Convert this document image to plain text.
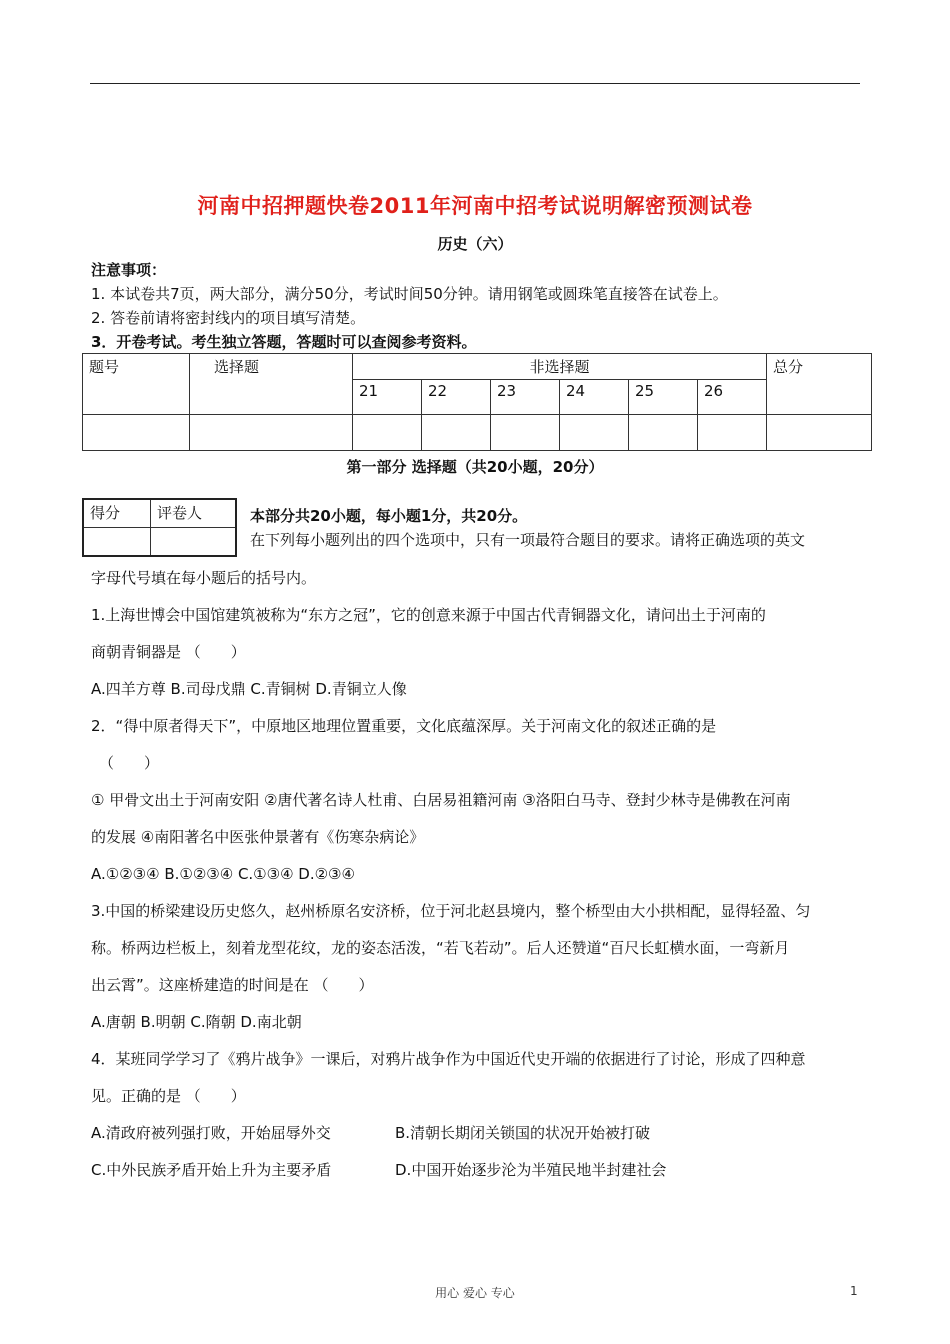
河南中招押题快卷2011年河南中招考试说明解密预测试卷
历史（六）
注意事项：
1. 本试卷共7页，两大部分，满分50分，考试时间50分钟。请用钢笔或圆珠笔直接答在试卷上。
2. 答卷前请将密封线内的项目填写清楚。
3．开卷考试。考生独立答题，答题时可以查阅参考资料。
题号	选择题	非选择题						总分
		21	22	23	24	25	26	

第一部分 选择题（共20小题，20分）
得分	评卷人
		本部分共20小题，每小题1分，共20分。
在下列每小题列出的四个选项中，只有一项最符合题目的要求。请将正确选项的英文
字母代号填在每小题后的括号内。
1.上海世博会中国馆建筑被称为“东方之冠”，它的创意来源于中国古代青铜器文化，请问出土于河南的
商朝青铜器是 （　　）
A.四羊方尊 B.司母戊鼎 C.青铜树 D.青铜立人像
2．“得中原者得天下”，中原地区地理位置重要，文化底蕴深厚。关于河南文化的叙述正确的是
（　　）
① 甲骨文出土于河南安阳 ②唐代著名诗人杜甫、白居易祖籍河南 ③洛阳白马寺、登封少林寺是佛教在河南
的发展 ④南阳著名中医张仲景著有《伤寒杂病论》
A.①②③④ B.①②③④ C.①③④ D.②③④
3.中国的桥梁建设历史悠久，赵州桥原名安济桥，位于河北赵县境内，整个桥型由大小拱相配，显得轻盈、匀
称。桥两边栏板上，刻着龙型花纹，龙的姿态活泼，“若飞若动”。后人还赞道“百尺长虹横水面，一弯新月
出云霄”。这座桥建造的时间是在 （　　）
A.唐朝 B.明朝 C.隋朝 D.南北朝
4．某班同学学习了《鸦片战争》一课后，对鸦片战争作为中国近代史开端的依据进行了讨论，形成了四种意
见。正确的是 （　　）
A.清政府被列强打败，开始屈辱外交	B.清朝长期闭关锁国的状况开始被打破
C.中外民族矛盾开始上升为主要矛盾	D.中国开始逐步沦为半殖民地半封建社会
用心 爱心 专心	1
